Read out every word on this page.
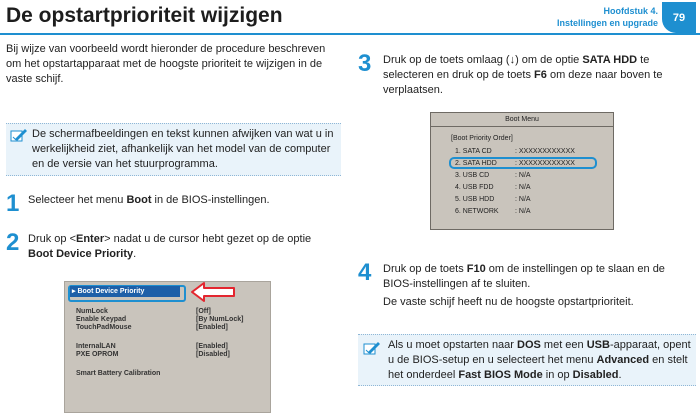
De opstartprioriteit wijzigen	Hoofdstuk 4.
Instellingen en upgrade	79
Bij wijze van voorbeeld wordt hieronder de procedure beschreven om het opstartapparaat met de hoogste prioriteit te wijzigen in de vaste schijf.
De schermafbeeldingen en tekst kunnen afwijken van wat u in werkelijkheid ziet, afhankelijk van het model van de computer en de versie van het stuurprogramma.
1 Selecteer het menu Boot in de BIOS-instellingen.
2 Druk op <Enter> nadat u de cursor hebt gezet op de optie Boot Device Priority.
▸ Boot Device Priority
NumLock	[Off]
Enable Keypad	[By NumLock]
TouchPadMouse	[Enabled]
InternalLAN	[Enabled]
PXE OPROM	[Disabled]
Smart Battery Calibration
3 Druk op de toets omlaag (↓) om de optie SATA HDD te selecteren en druk op de toets F6 om deze naar boven te verplaatsen.
Boot Menu
[Boot Priority Order]
1. SATA CD	: XXXXXXXXXXXX
2. SATA HDD	: XXXXXXXXXXXX
3. USB CD	: N/A
4. USB FDD	: N/A
5. USB HDD	: N/A
6. NETWORK : N/A
4 Druk op de toets F10 om de instellingen op te slaan en de BIOS-instellingen af te sluiten.
De vaste schijf heeft nu de hoogste opstartprioriteit.
Als u moet opstarten naar DOS met een USB-apparaat, opent u de BIOS-setup en u selecteert het menu Advanced en stelt het onderdeel Fast BIOS Mode in op Disabled.
